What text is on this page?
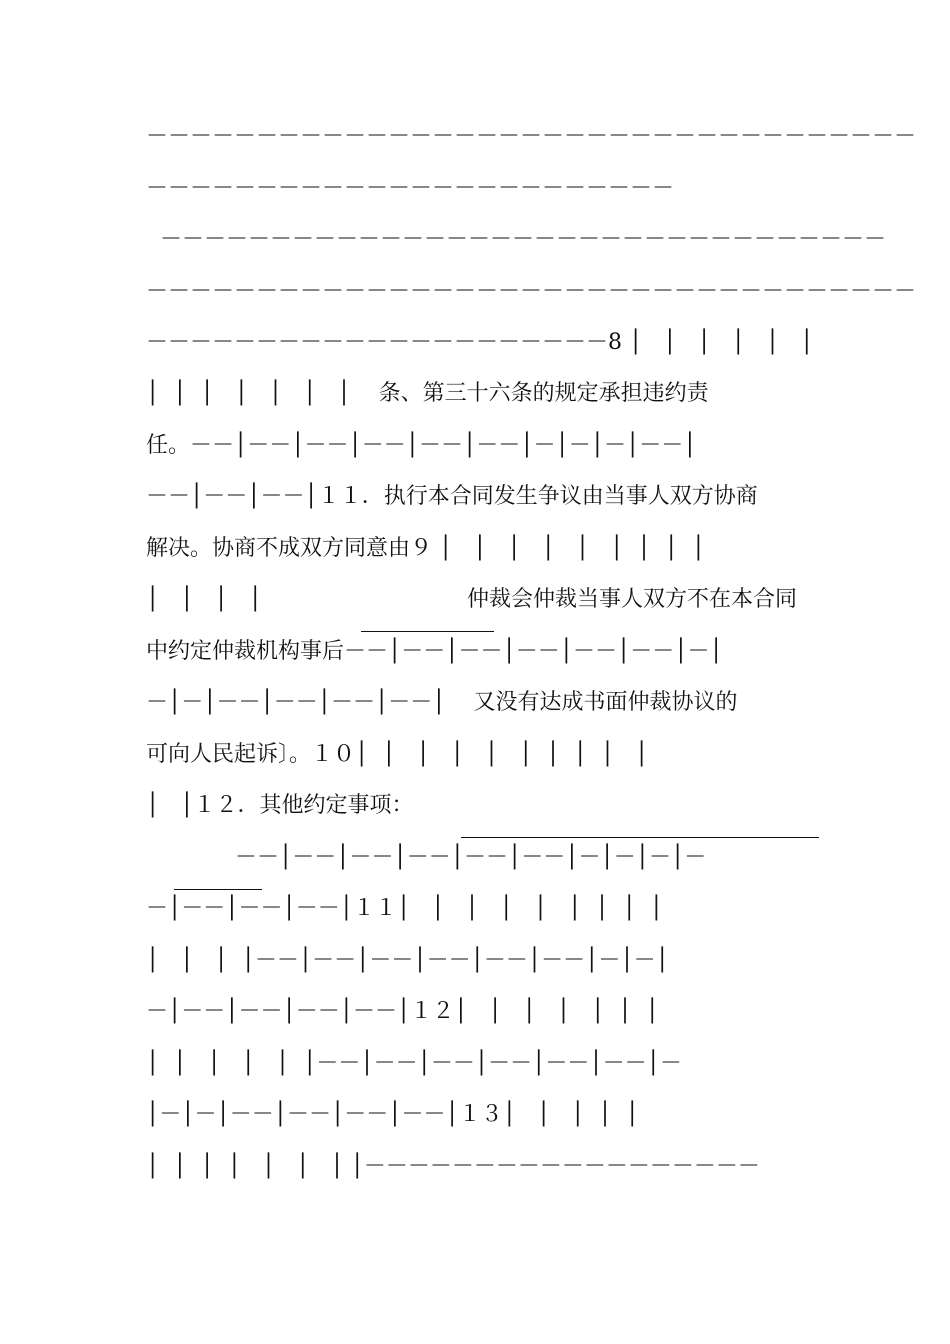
－－－－－－－－－－－－－－－－－－－－－－－－－－－－－－－－－－－
－－－－－－－－－－－－－－－－－－－－－－－－
－－－－－－－－－－－－－－－－－－－－－－－－－－－－－－－－－
－－－－－－－－－－－－－－－－－－－－－－－－－－－－－－－－－－－
－－－－－－－－－－－－－－－－－－－－－8 │   │   │   │   │   │
│  │  │   │   │   │   │    条、第三十六条的规定承担违约责
任。－－│－－│－－│－－│－－│－－│－│－│－│－－│
－－│－－│－－│１１．执行本合同发生争议由当事人双方协商
解决。协商不成双方同意由９ │   │   │   │   │   │  │  │  │
│   │   │   │

	仲裁会仲裁当事人双方不在本合同
中约定仲裁机构事后－－│－－│－－│－－│－－│－－│－│
－│－│－－│－－│－－│－－│    又没有达成书面仲裁协议的
可向人民起诉〕。１０│  │   │   │   │   │  │  │  │   │
│   │１２．其他约定事项：

－－│－－│－－│－－│－－│－－│－│－│－│－
－│－－│－－│－－│１１│   │   │   │   │   │  │  │  │
│   │   │  │－－│－－│－－│－－│－－│－－│－│－│
－│－－│－－│－－│－－│１２│   │   │   │   │  │  │
│  │   │   │   │  │－－│－－│－－│－－│－－│－－│－
│－│－│－－│－－│－－│－－│１３│   │   │  │  │
│  │  │  │   │   │   │ │－－－－－－－－－－－－－－－－－－
